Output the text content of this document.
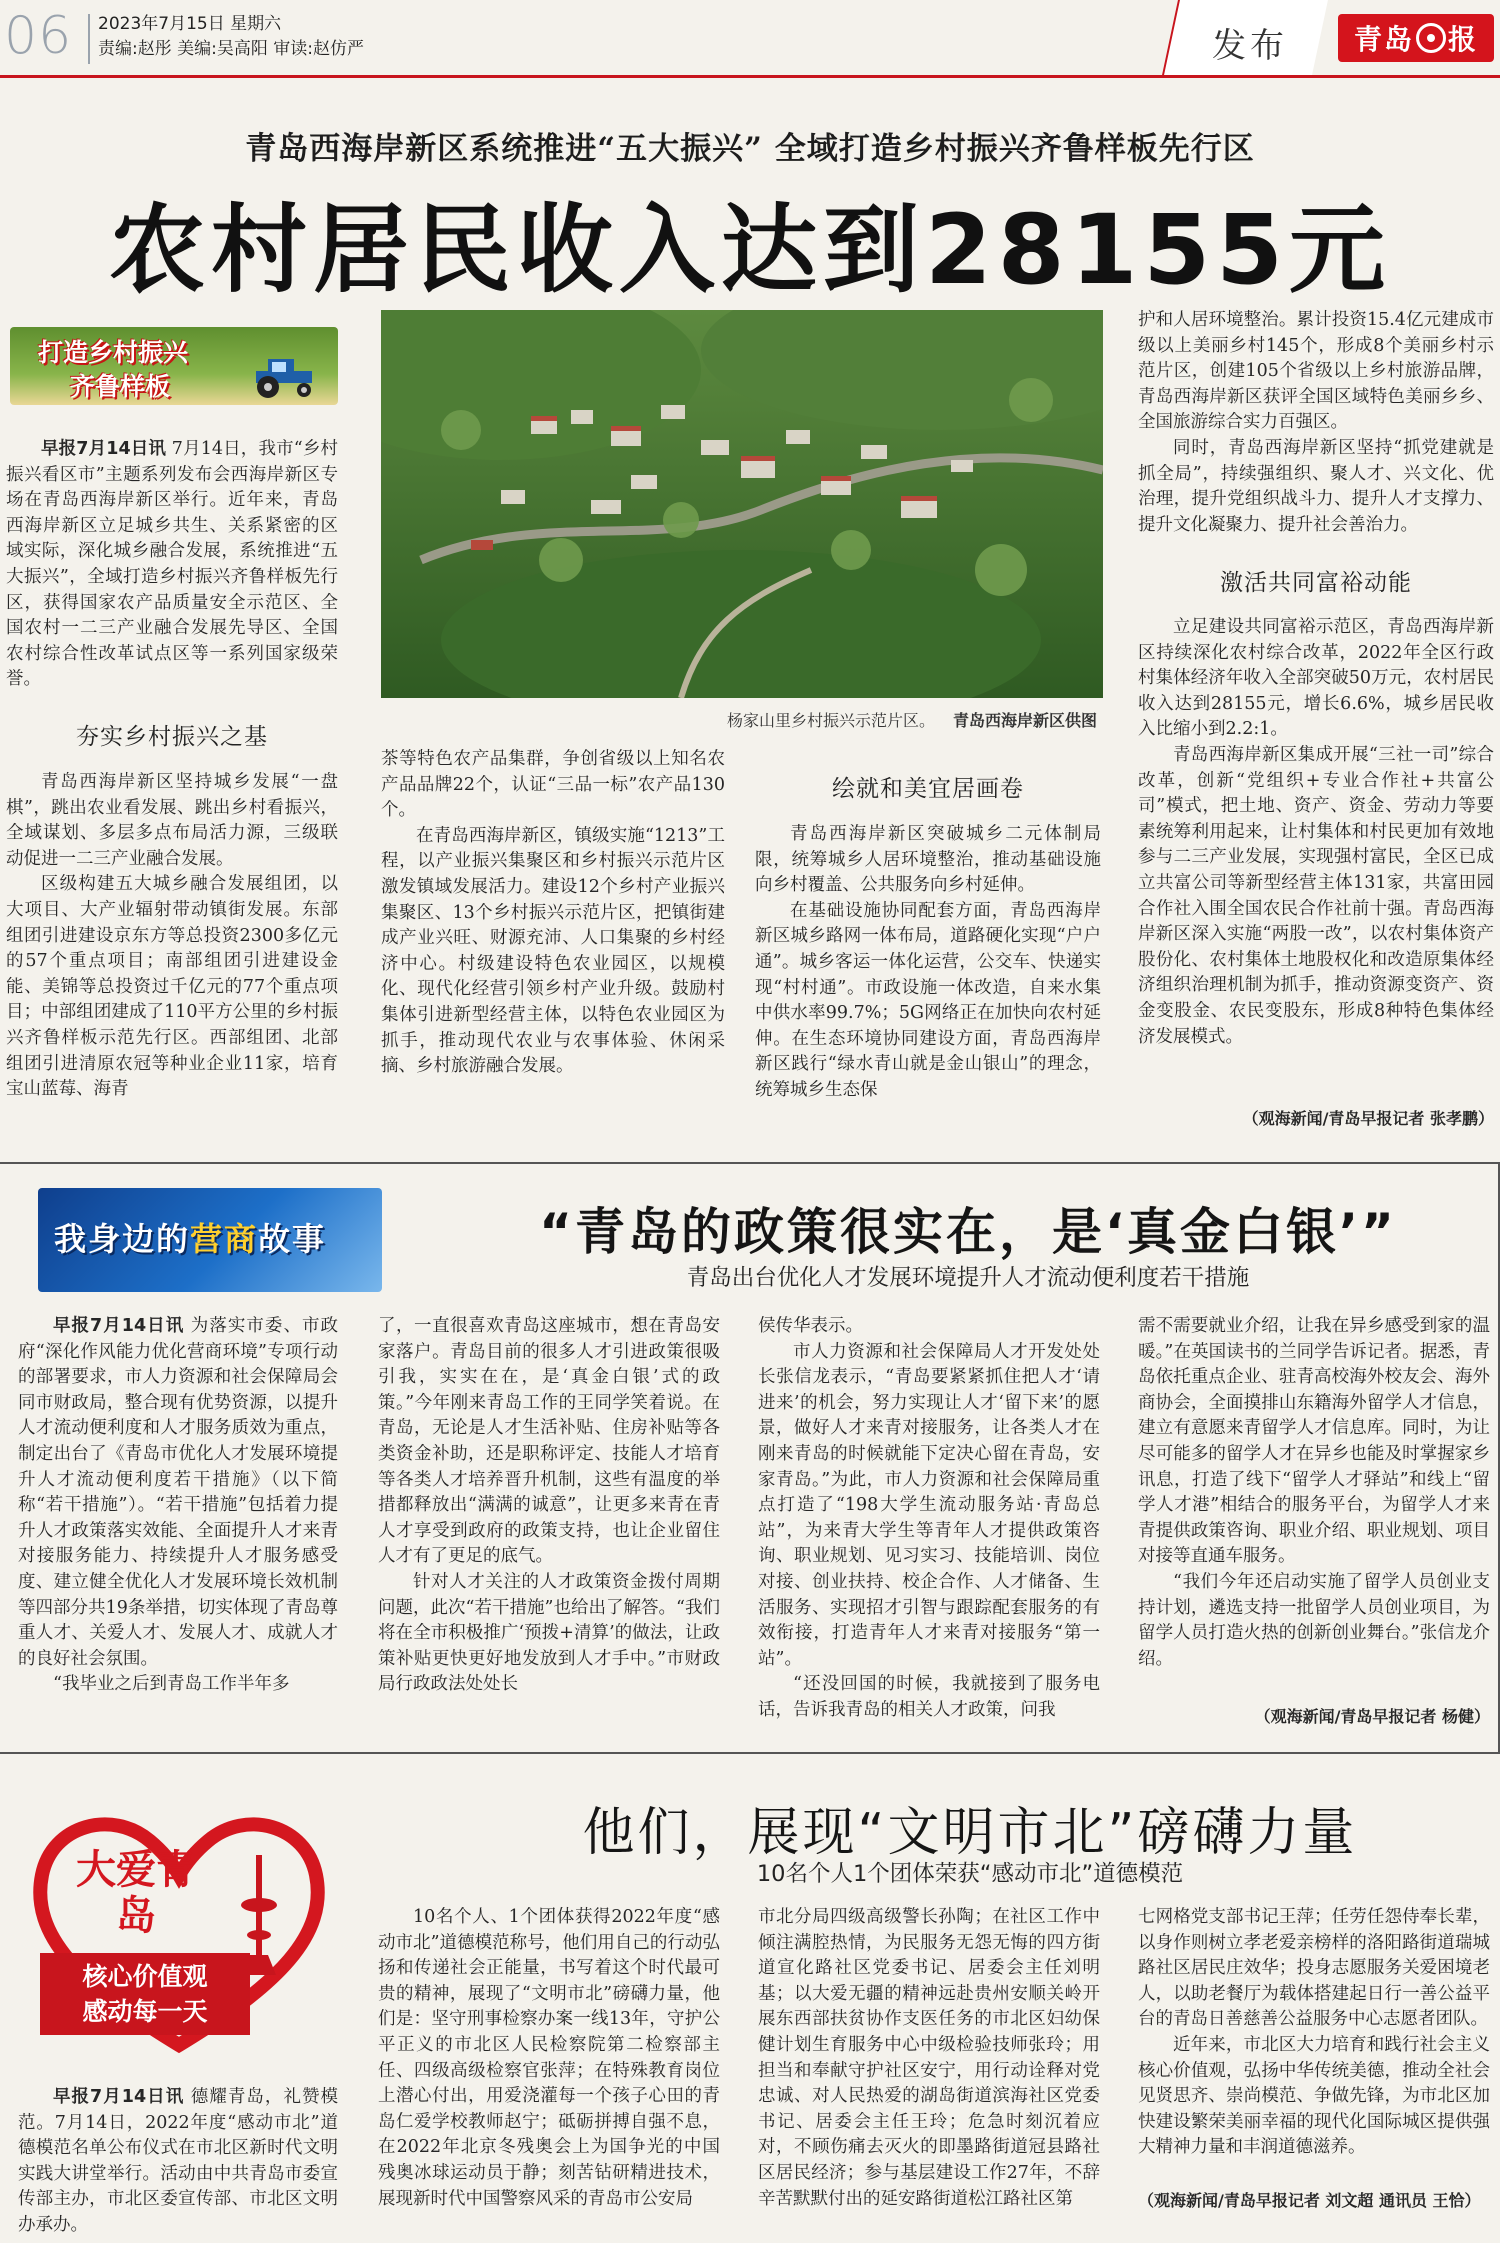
06 2023年7月15日 星期六
责编:赵彤 美编:吴高阳 审读:赵仿严	发布 青岛 报
青岛西海岸新区系统推进“五大振兴” 全域打造乡村振兴齐鲁样板先行区
农村居民收入达到28155元
打造乡村振兴
齐鲁样板

早报7月14日讯 7月14日，我市“乡村振兴看区市”主题系列发布会西海岸新区专场在青岛西海岸新区举行。近年来，青岛西海岸新区立足城乡共生、关系紧密的区域实际，深化城乡融合发展，系统推进“五大振兴”，全域打造乡村振兴齐鲁样板先行区，获得国家农产品质量安全示范区、全国农村一二三产业融合发展先导区、全国农村综合性改革试点区等一系列国家级荣誉。

夯实乡村振兴之基

青岛西海岸新区坚持城乡发展“一盘棋”，跳出农业看发展、跳出乡村看振兴，全域谋划、多层多点布局活力源，三级联动促进一二三产业融合发展。

区级构建五大城乡融合发展组团，以大项目、大产业辐射带动镇街发展。东部组团引进建设京东方等总投资2300多亿元的57个重点项目；南部组团引进建设金能、美锦等总投资过千亿元的77个重点项目；中部组团建成了110平方公里的乡村振兴齐鲁样板示范先行区。西部组团、北部组团引进清原农冠等种业企业11家，培育宝山蓝莓、海青

杨家山里乡村振兴示范片区。 青岛西海岸新区供图

茶等特色农产品集群，争创省级以上知名农产品品牌22个，认证“三品一标”农产品130个。

在青岛西海岸新区，镇级实施“1213”工程，以产业振兴集聚区和乡村振兴示范片区激发镇域发展活力。建设12个乡村产业振兴集聚区、13个乡村振兴示范片区，把镇街建成产业兴旺、财源充沛、人口集聚的乡村经济中心。村级建设特色农业园区，以规模化、现代化经营引领乡村产业升级。鼓励村集体引进新型经营主体，以特色农业园区为抓手，推动现代农业与农事体验、休闲采摘、乡村旅游融合发展。

绘就和美宜居画卷

青岛西海岸新区突破城乡二元体制局限，统筹城乡人居环境整治，推动基础设施向乡村覆盖、公共服务向乡村延伸。

在基础设施协同配套方面，青岛西海岸新区城乡路网一体布局，道路硬化实现“户户通”。城乡客运一体化运营，公交车、快递实现“村村通”。市政设施一体改造，自来水集中供水率99.7%；5G网络正在加快向农村延伸。在生态环境协同建设方面，青岛西海岸新区践行“绿水青山就是金山银山”的理念，统筹城乡生态保

护和人居环境整治。累计投资15.4亿元建成市级以上美丽乡村145个，形成8个美丽乡村示范片区，创建105个省级以上乡村旅游品牌，青岛西海岸新区获评全国区域特色美丽乡乡、全国旅游综合实力百强区。

同时，青岛西海岸新区坚持“抓党建就是抓全局”，持续强组织、聚人才、兴文化、优治理，提升党组织战斗力、提升人才支撑力、提升文化凝聚力、提升社会善治力。

激活共同富裕动能

立足建设共同富裕示范区，青岛西海岸新区持续深化农村综合改革，2022年全区行政村集体经济年收入全部突破50万元，农村居民收入达到28155元，增长6.6%，城乡居民收入比缩小到2.2:1。

青岛西海岸新区集成开展“三社一司”综合改革，创新“党组织+专业合作社+共富公司”模式，把土地、资产、资金、劳动力等要素统筹利用起来，让村集体和村民更加有效地参与二三产业发展，实现强村富民，全区已成立共富公司等新型经营主体131家，共富田园合作社入围全国农民合作社前十强。青岛西海岸新区深入实施“两股一改”，以农村集体资产股份化、农村集体土地股权化和改造原集体经济组织治理机制为抓手，推动资源变资产、资金变股金、农民变股东，形成8种特色集体经济发展模式。

（观海新闻/青岛早报记者 张孝鹏）
我身边的营商故事	“青岛的政策很实在，是‘真金白银’”
青岛出台优化人才发展环境提升人才流动便利度若干措施

早报7月14日讯 为落实市委、市政府“深化作风能力优化营商环境”专项行动的部署要求，市人力资源和社会保障局会同市财政局，整合现有优势资源，以提升人才流动便利度和人才服务质效为重点，制定出台了《青岛市优化人才发展环境提升人才流动便利度若干措施》（以下简称“若干措施”）。“若干措施”包括着力提升人才政策落实效能、全面提升人才来青对接服务能力、持续提升人才服务感受度、建立健全优化人才发展环境长效机制等四部分共19条举措，切实体现了青岛尊重人才、关爱人才、发展人才、成就人才的良好社会氛围。

“我毕业之后到青岛工作半年多

了，一直很喜欢青岛这座城市，想在青岛安家落户。青岛目前的很多人才引进政策很吸引我，实实在在，是‘真金白银’式的政策。”今年刚来青岛工作的王同学笑着说。在青岛，无论是人才生活补贴、住房补贴等各类资金补助，还是职称评定、技能人才培育等各类人才培养晋升机制，这些有温度的举措都释放出“满满的诚意”，让更多来青在青人才享受到政府的政策支持，也让企业留住人才有了更足的底气。

针对人才关注的人才政策资金拨付周期问题，此次“若干措施”也给出了解答。“我们将在全市积极推广‘预拨+清算’的做法，让政策补贴更快更好地发放到人才手中。”市财政局行政政法处处长

侯传华表示。

市人力资源和社会保障局人才开发处处长张信龙表示，“青岛要紧紧抓住把人才‘请进来’的机会，努力实现让人才‘留下来’的愿景，做好人才来青对接服务，让各类人才在刚来青岛的时候就能下定决心留在青岛，安家青岛。”为此，市人力资源和社会保障局重点打造了“198大学生流动服务站·青岛总站”，为来青大学生等青年人才提供政策咨询、职业规划、见习实习、技能培训、岗位对接、创业扶持、校企合作、人才储备、生活服务、实现招才引智与跟踪配套服务的有效衔接，打造青年人才来青对接服务“第一站”。

“还没回国的时候，我就接到了服务电话，告诉我青岛的相关人才政策，问我

需不需要就业介绍，让我在异乡感受到家的温暖。”在英国读书的兰同学告诉记者。据悉，青岛依托重点企业、驻青高校海外校友会、海外商协会，全面摸排山东籍海外留学人才信息，建立有意愿来青留学人才信息库。同时，为让尽可能多的留学人才在异乡也能及时掌握家乡讯息，打造了线下“留学人才驿站”和线上“留学人才港”相结合的服务平台，为留学人才来青提供政策咨询、职业介绍、职业规划、项目对接等直通车服务。

“我们今年还启动实施了留学人员创业支持计划，遴选支持一批留学人员创业项目，为留学人员打造火热的创新创业舞台。”张信龙介绍。

（观海新闻/青岛早报记者 杨健）
大爱青岛
核心价值观
感动每一天
他们，展现“文明市北”磅礴力量
10名个人1个团体荣获“感动市北”道德模范

早报7月14日讯 德耀青岛，礼赞模范。7月14日，2022年度“感动市北”道德模范名单公布仪式在市北区新时代文明实践大讲堂举行。活动由中共青岛市委宣传部主办，市北区委宣传部、市北区文明办承办。

10名个人、1个团体获得2022年度“感动市北”道德模范称号，他们用自己的行动弘扬和传递社会正能量，书写着这个时代最可贵的精神，展现了“文明市北”磅礴力量，他们是：坚守刑事检察办案一线13年，守护公平正义的市北区人民检察院第二检察部主任、四级高级检察官张萍；在特殊教育岗位上潜心付出，用爱浇灌每一个孩子心田的青岛仁爱学校教师赵宁；砥砺拼搏自强不息，在2022年北京冬残奥会上为国争光的中国残奥冰球运动员于静；刻苦钻研精进技术，展现新时代中国警察风采的青岛市公安局

市北分局四级高级警长孙陶；在社区工作中倾注满腔热情，为民服务无怨无悔的四方街道宣化路社区党委书记、居委会主任刘明基；以大爱无疆的精神远赴贵州安顺关岭开展东西部扶贫协作支医任务的市北区妇幼保健计划生育服务中心中级检验技师张玲；用担当和奉献守护社区安宁，用行动诠释对党忠诚、对人民热爱的湖岛街道滨海社区党委书记、居委会主任王玲；危急时刻沉着应对，不顾伤痛去灭火的即墨路街道冠县路社区居民经济；参与基层建设工作27年，不辞辛苦默默付出的延安路街道松江路社区第

七网格党支部书记王萍；任劳任怨侍奉长辈，以身作则树立孝老爱亲榜样的洛阳路街道瑞城路社区居民庄效华；投身志愿服务关爱困境老人，以助老餐厅为载体搭建起日行一善公益平台的青岛日善慈善公益服务中心志愿者团队。

近年来，市北区大力培育和践行社会主义核心价值观，弘扬中华传统美德，推动全社会见贤思齐、崇尚模范、争做先锋，为市北区加快建设繁荣美丽幸福的现代化国际城区提供强大精神力量和丰润道德滋养。

（观海新闻/青岛早报记者 刘文超 通讯员 王恰）
